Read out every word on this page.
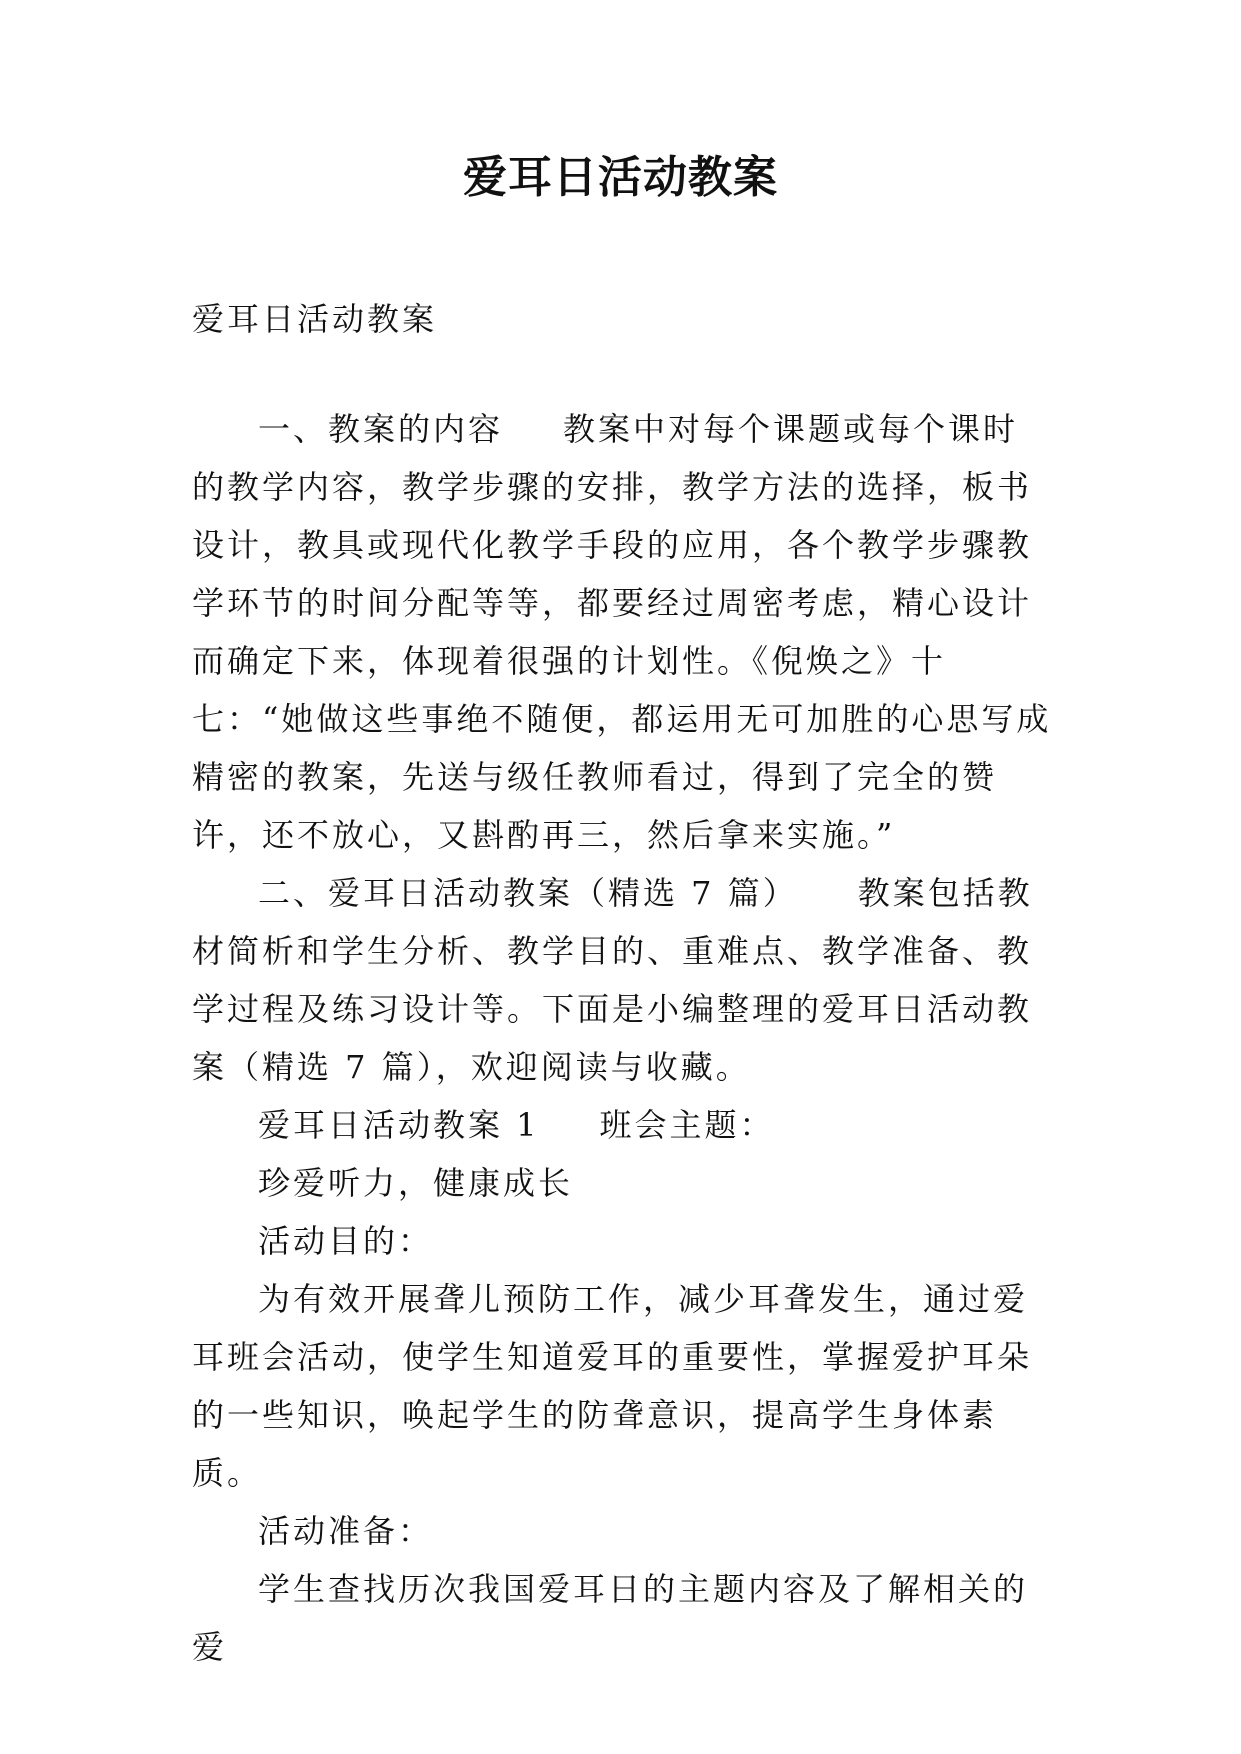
爱耳日活动教案

爱耳日活动教案

一、教案的内容 教案中对每个课题或每个课时的教学内容，教学步骤的安排，教学方法的选择，板书设计，教具或现代化教学手段的应用，各个教学步骤教学环节的时间分配等等，都要经过周密考虑，精心设计而确定下来，体现着很强的计划性。《倪焕之》十七：“她做这些事绝不随便，都运用无可加胜的心思写成精密的教案，先送与级任教师看过，得到了完全的赞许，还不放心，又斟酌再三，然后拿来实施。”

二、爱耳日活动教案（精选 7 篇） 教案包括教材简析和学生分析、教学目的、重难点、教学准备、教学过程及练习设计等。下面是小编整理的爱耳日活动教案（精选 7 篇），欢迎阅读与收藏。

爱耳日活动教案 1 班会主题：

珍爱听力，健康成长

活动目的：

为有效开展聋儿预防工作，减少耳聋发生，通过爱耳班会活动，使学生知道爱耳的重要性，掌握爱护耳朵的一些知识，唤起学生的防聋意识，提高学生身体素质。

活动准备：

学生查找历次我国爱耳日的主题内容及了解相关的爱
